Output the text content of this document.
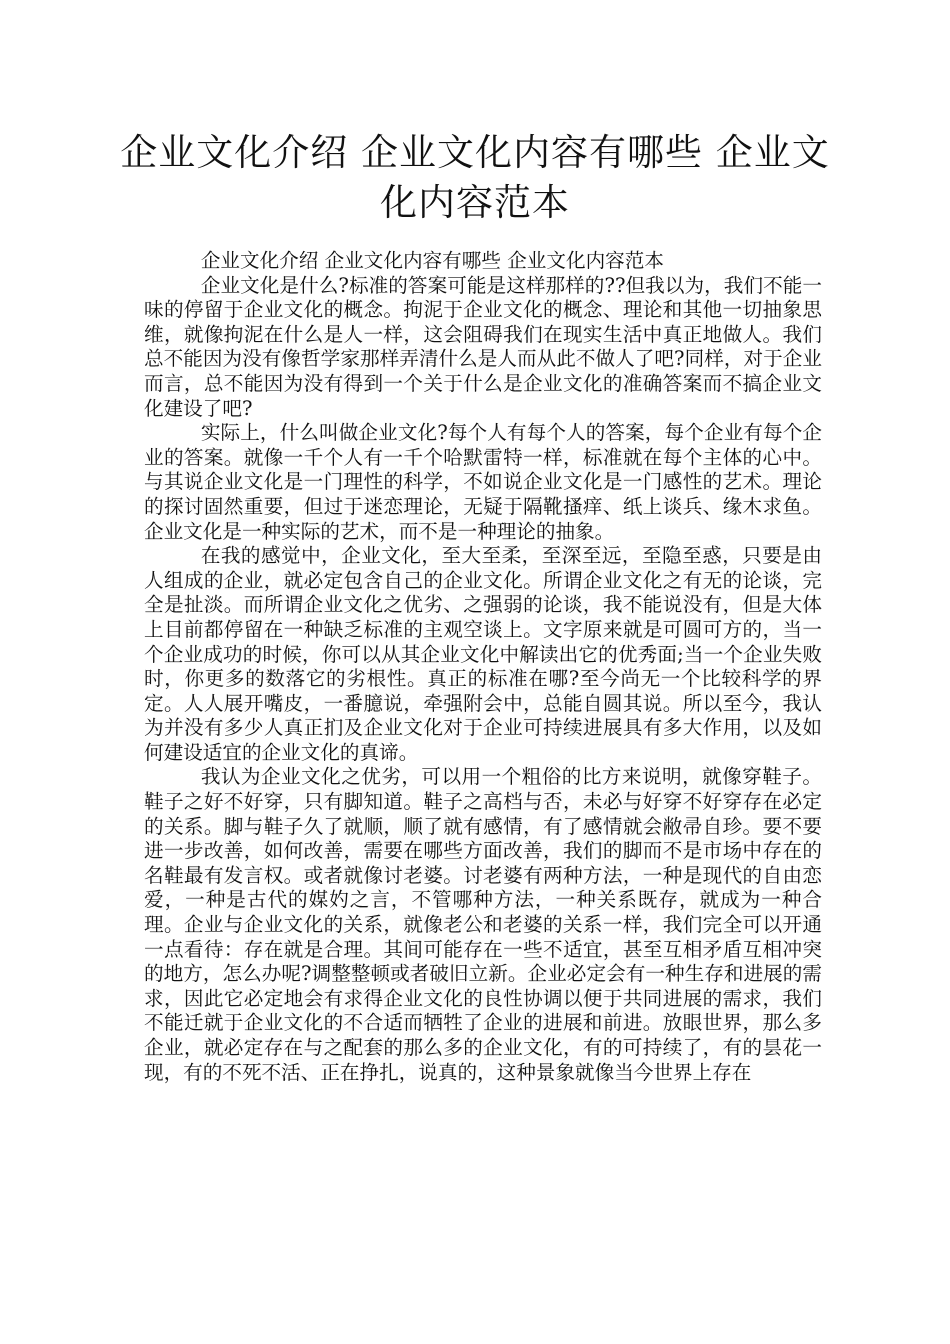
企业文化介绍 企业文化内容有哪些 企业文化内容范本

企业文化介绍 企业文化内容有哪些 企业文化内容范本

企业文化是什么?标准的答案可能是这样那样的??但我以为，我们不能一味的停留于企业文化的概念。拘泥于企业文化的概念、理论和其他一切抽象思维，就像拘泥在什么是人一样，这会阻碍我们在现实生活中真正地做人。我们总不能因为没有像哲学家那样弄清什么是人而从此不做人了吧?同样，对于企业而言，总不能因为没有得到一个关于什么是企业文化的准确答案而不搞企业文化建设了吧?

实际上，什么叫做企业文化?每个人有每个人的答案，每个企业有每个企业的答案。就像一千个人有一千个哈默雷特一样，标准就在每个主体的心中。与其说企业文化是一门理性的科学，不如说企业文化是一门感性的艺术。理论的探讨固然重要，但过于迷恋理论，无疑于隔靴搔痒、纸上谈兵、缘木求鱼。企业文化是一种实际的艺术，而不是一种理论的抽象。

在我的感觉中，企业文化，至大至柔，至深至远，至隐至惑，只要是由人组成的企业，就必定包含自己的企业文化。所谓企业文化之有无的论谈，完全是扯淡。而所谓企业文化之优劣、之强弱的论谈，我不能说没有，但是大体上目前都停留在一种缺乏标准的主观空谈上。文字原来就是可圆可方的，当一个企业成功的时候，你可以从其企业文化中解读出它的优秀面;当一个企业失败时，你更多的数落它的劣根性。真正的标准在哪?至今尚无一个比较科学的界定。人人展开嘴皮，一番臆说，牵强附会中，总能自圆其说。所以至今，我认为并没有多少人真正扪及企业文化对于企业可持续进展具有多大作用，以及如何建设适宜的企业文化的真谛。

我认为企业文化之优劣，可以用一个粗俗的比方来说明，就像穿鞋子。鞋子之好不好穿，只有脚知道。鞋子之高档与否，未必与好穿不好穿存在必定的关系。脚与鞋子久了就顺，顺了就有感情，有了感情就会敝帚自珍。要不要进一步改善，如何改善，需要在哪些方面改善，我们的脚而不是市场中存在的名鞋最有发言权。或者就像讨老婆。讨老婆有两种方法，一种是现代的自由恋爱，一种是古代的媒妁之言，不管哪种方法，一种关系既存，就成为一种合理。企业与企业文化的关系，就像老公和老婆的关系一样，我们完全可以开通一点看待：存在就是合理。其间可能存在一些不适宜，甚至互相矛盾互相冲突的地方，怎么办呢?调整整顿或者破旧立新。企业必定会有一种生存和进展的需求，因此它必定地会有求得企业文化的良性协调以便于共同进展的需求，我们不能迁就于企业文化的不合适而牺牲了企业的进展和前进。放眼世界，那么多企业，就必定存在与之配套的那么多的企业文化，有的可持续了，有的昙花一现，有的不死不活、正在挣扎，说真的，这种景象就像当今世界上存在
